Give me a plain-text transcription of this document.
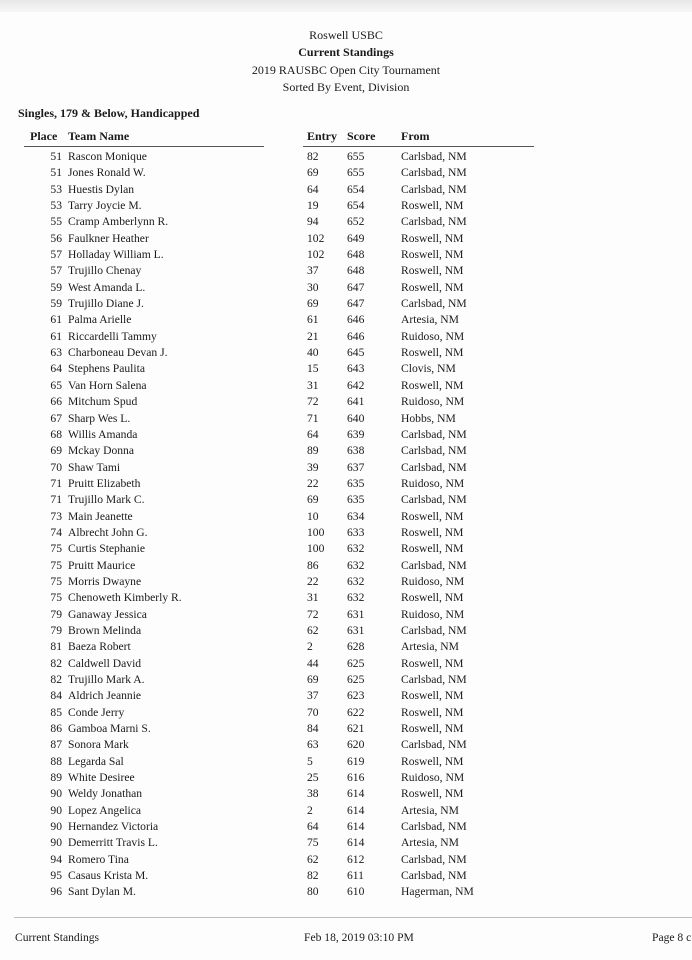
Roswell USBC
Current Standings
2019 RAUSBC Open City Tournament
Sorted By Event, Division
Singles, 179 & Below, Handicapped
Place Team Name	Entry Score From
51 Rascon Monique	82 655	Carlsbad, NM
51 Jones Ronald W.	69 655	Carlsbad, NM
53 Huestis Dylan	64 654	Carlsbad, NM
53 Tarry Joycie M.	19 654	Roswell, NM
55 Cramp Amberlynn R.	94 652	Carlsbad, NM
56 Faulkner Heather	102 649	Roswell, NM
57 Holladay William L.	102 648	Roswell, NM
57 Trujillo Chenay	37 648	Roswell, NM
59 West Amanda L.	30 647	Roswell, NM
59 Trujillo Diane J.	69 647	Carlsbad, NM
61 Palma Arielle	61 646	Artesia, NM
61 Riccardelli Tammy	21 646	Ruidoso, NM
63 Charboneau Devan J.	40 645	Roswell, NM
64 Stephens Paulita	15 643	Clovis, NM
65 Van Horn Salena	31 642	Roswell, NM
66 Mitchum Spud	72 641	Ruidoso, NM
67 Sharp Wes L.	71 640	Hobbs, NM
68 Willis Amanda	64 639	Carlsbad, NM
69 Mckay Donna	89 638	Carlsbad, NM
70 Shaw Tami	39 637	Carlsbad, NM
71 Pruitt Elizabeth	22 635	Ruidoso, NM
71 Trujillo Mark C.	69 635	Carlsbad, NM
73 Main Jeanette	10 634	Roswell, NM
74 Albrecht John G.	100 633	Roswell, NM
75 Curtis Stephanie	100 632	Roswell, NM
75 Pruitt Maurice	86 632	Carlsbad, NM
75 Morris Dwayne	22 632	Ruidoso, NM
75 Chenoweth Kimberly R.	31 632	Roswell, NM
79 Ganaway Jessica	72 631	Ruidoso, NM
79 Brown Melinda	62 631	Carlsbad, NM
81 Baeza Robert	2	628	Artesia, NM
82 Caldwell David	44 625	Roswell, NM
82 Trujillo Mark A.	69 625	Carlsbad, NM
84 Aldrich Jeannie	37 623	Roswell, NM
85 Conde Jerry	70 622	Roswell, NM
86 Gamboa Marni S.	84 621	Roswell, NM
87 Sonora Mark	63 620	Carlsbad, NM
88 Legarda Sal	5	619	Roswell, NM
89 White Desiree	25 616	Ruidoso, NM
90 Weldy Jonathan	38 614	Roswell, NM
90 Lopez Angelica	2	614	Artesia, NM
90 Hernandez Victoria	64 614	Carlsbad, NM
90 Demerritt Travis L.	75 614	Artesia, NM
94 Romero Tina	62 612	Carlsbad, NM
95 Casaus Krista M.	82 611	Carlsbad, NM
96 Sant Dylan M.	80 610	Hagerman, NM
Current Standings	Feb 18, 2019 03:10 PM	Page 8 c
